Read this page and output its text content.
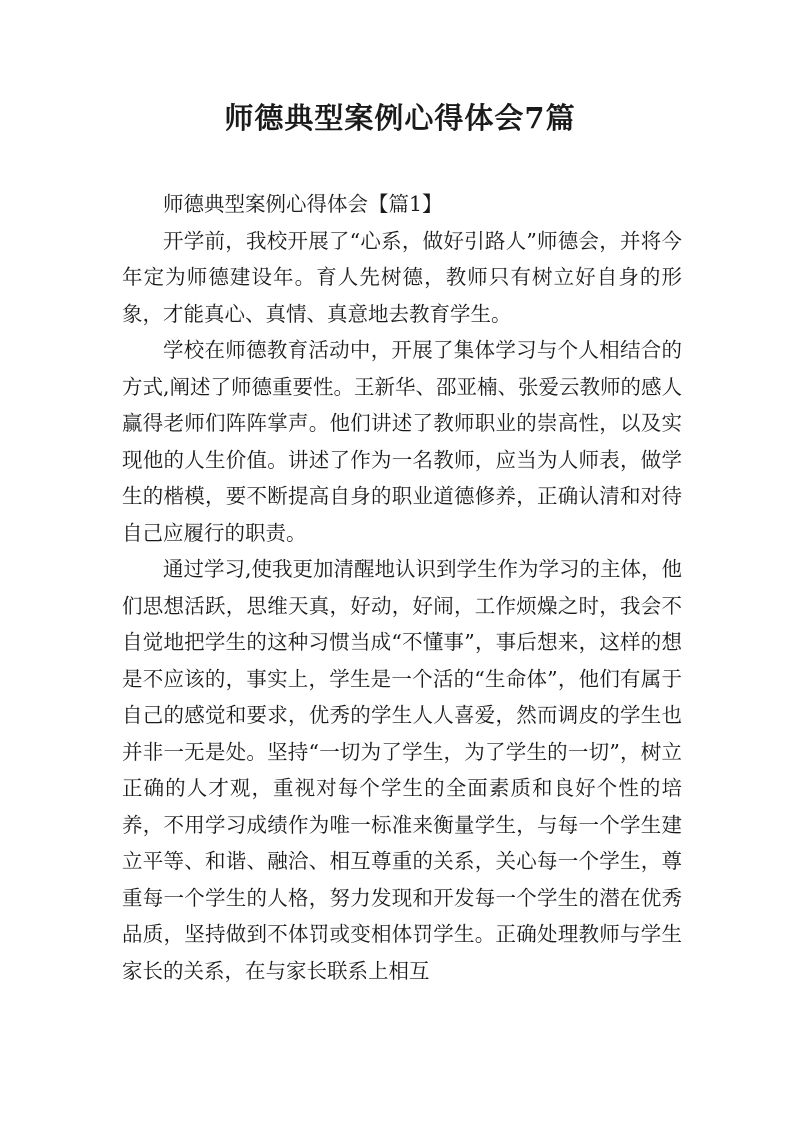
师德典型案例心得体会7篇

师德典型案例心得体会【篇1】

开学前，我校开展了“心系，做好引路人”师德会，并将今年定为师德建设年。育人先树德，教师只有树立好自身的形象，才能真心、真情、真意地去教育学生。

学校在师德教育活动中，开展了集体学习与个人相结合的方式,阐述了师德重要性。王新华、邵亚楠、张爱云教师的感人赢得老师们阵阵掌声。他们讲述了教师职业的崇高性，以及实现他的人生价值。讲述了作为一名教师，应当为人师表，做学生的楷模，要不断提高自身的职业道德修养，正确认清和对待自己应履行的职责。

通过学习,使我更加清醒地认识到学生作为学习的主体，他们思想活跃，思维天真，好动，好闹，工作烦燥之时，我会不自觉地把学生的这种习惯当成“不懂事”，事后想来，这样的想是不应该的，事实上，学生是一个活的“生命体”，他们有属于自己的感觉和要求，优秀的学生人人喜爱，然而调皮的学生也并非一无是处。坚持“一切为了学生，为了学生的一切”，树立正确的人才观，重视对每个学生的全面素质和良好个性的培养，不用学习成绩作为唯一标准来衡量学生，与每一个学生建立平等、和谐、融洽、相互尊重的关系，关心每一个学生，尊重每一个学生的人格，努力发现和开发每一个学生的潜在优秀品质，坚持做到不体罚或变相体罚学生。正确处理教师与学生家长的关系，在与家长联系上相互
